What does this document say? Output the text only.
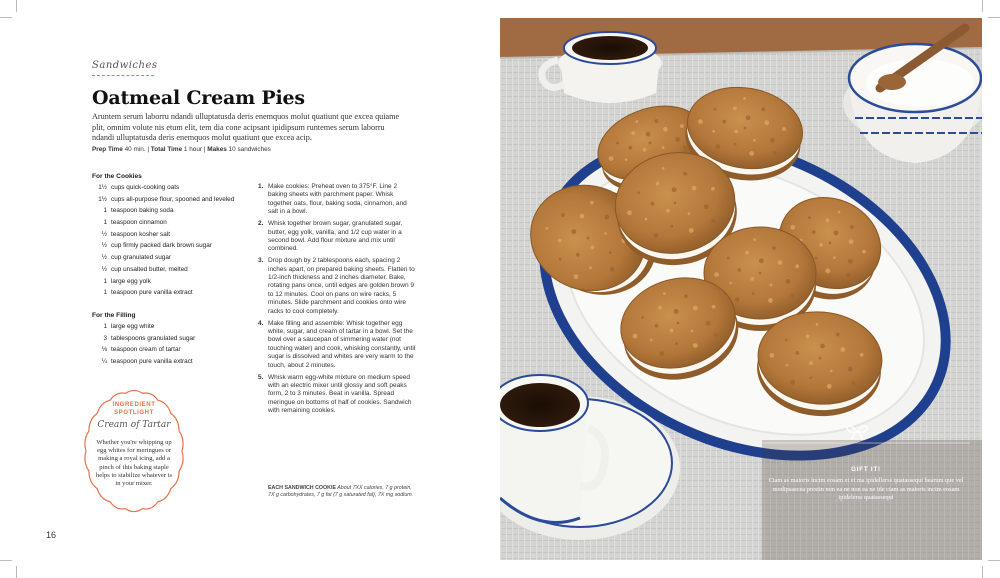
Sandwiches
Oatmeal Cream Pies
Aruntem serum laborru ndandi ulluptatusda deris enemquos molut quatiunt que excea quiame plit, omnim volute nis etum elit, tem dia cone acipsant ipidipsum runtemes serum laborru ndandi ulluptatusda deris enemquos molut quatiunt que excea acip.
Prep Time 40 min. | Total Time 1 hour | Makes 10 sandwiches
For the Cookies
1½ cups quick-cooking oats
1½ cups all-purpose flour, spooned and leveled
1 teaspoon baking soda
1 teaspoon cinnamon
½ teaspoon kosher salt
½ cup firmly packed dark brown sugar
½ cup granulated sugar
½ cup unsalted butter, melted
1 large egg yolk
1 teaspoon pure vanilla extract
For the Filling
1 large egg white
3 tablespoons granulated sugar
⅛ teaspoon cream of tartar
¼ teaspoon pure vanilla extract
1. Make cookies: Preheat oven to 375°F. Line 2 baking sheets with parchment paper. Whisk together oats, flour, baking soda, cinnamon, and salt in a bowl.
2. Whisk together brown sugar, granulated sugar, butter, egg yolk, vanilla, and 1/2 cup water in a second bowl. Add flour mixture and mix until combined.
3. Drop dough by 2 tablespoons each, spacing 2 inches apart, on prepared baking sheets. Flatten to 1/2-inch thickness and 2 inches diameter. Bake, rotating pans once, until edges are golden brown 9 to 12 minutes. Cool on pans on wire racks, 5 minutes. Slide parchment and cookies onto wire racks to cool completely.
4. Make filling and assemble: Whisk together egg white, sugar, and cream of tartar in a bowl. Set the bowl over a saucepan of simmering water (not touching water) and cook, whisking constantly, until sugar is dissolved and whites are very warm to the touch, about 2 minutes.
5. Whisk warm egg-white mixture on medium speed with an electric mixer until glossy and soft peaks form, 2 to 3 minutes. Beat in vanilla. Spread meringue on bottoms of half of cookies. Sandwich with remaining cookies.
EACH SANDWICH COOKIE About 7XX calories, 7 g protein, 7X g carbohydrates, 7 g fat (7 g saturated fat), 7X mg sodium.
INGREDIENT
SPOTLIGHT
Cream of Tartar
Whether you're whipping up egg whites for meringues or making a royal icing, add a pinch of this baking staple helps to stabilize whatever is in your mixer.
16
GIFT IT!
Ciam as maioris incim eosam et et ma ipidellerss quatassequi bearum que vel modipsaecea prestin non ea ne non ea ne ide ciam as maioris incim eosam ipidelerss quatassequi
